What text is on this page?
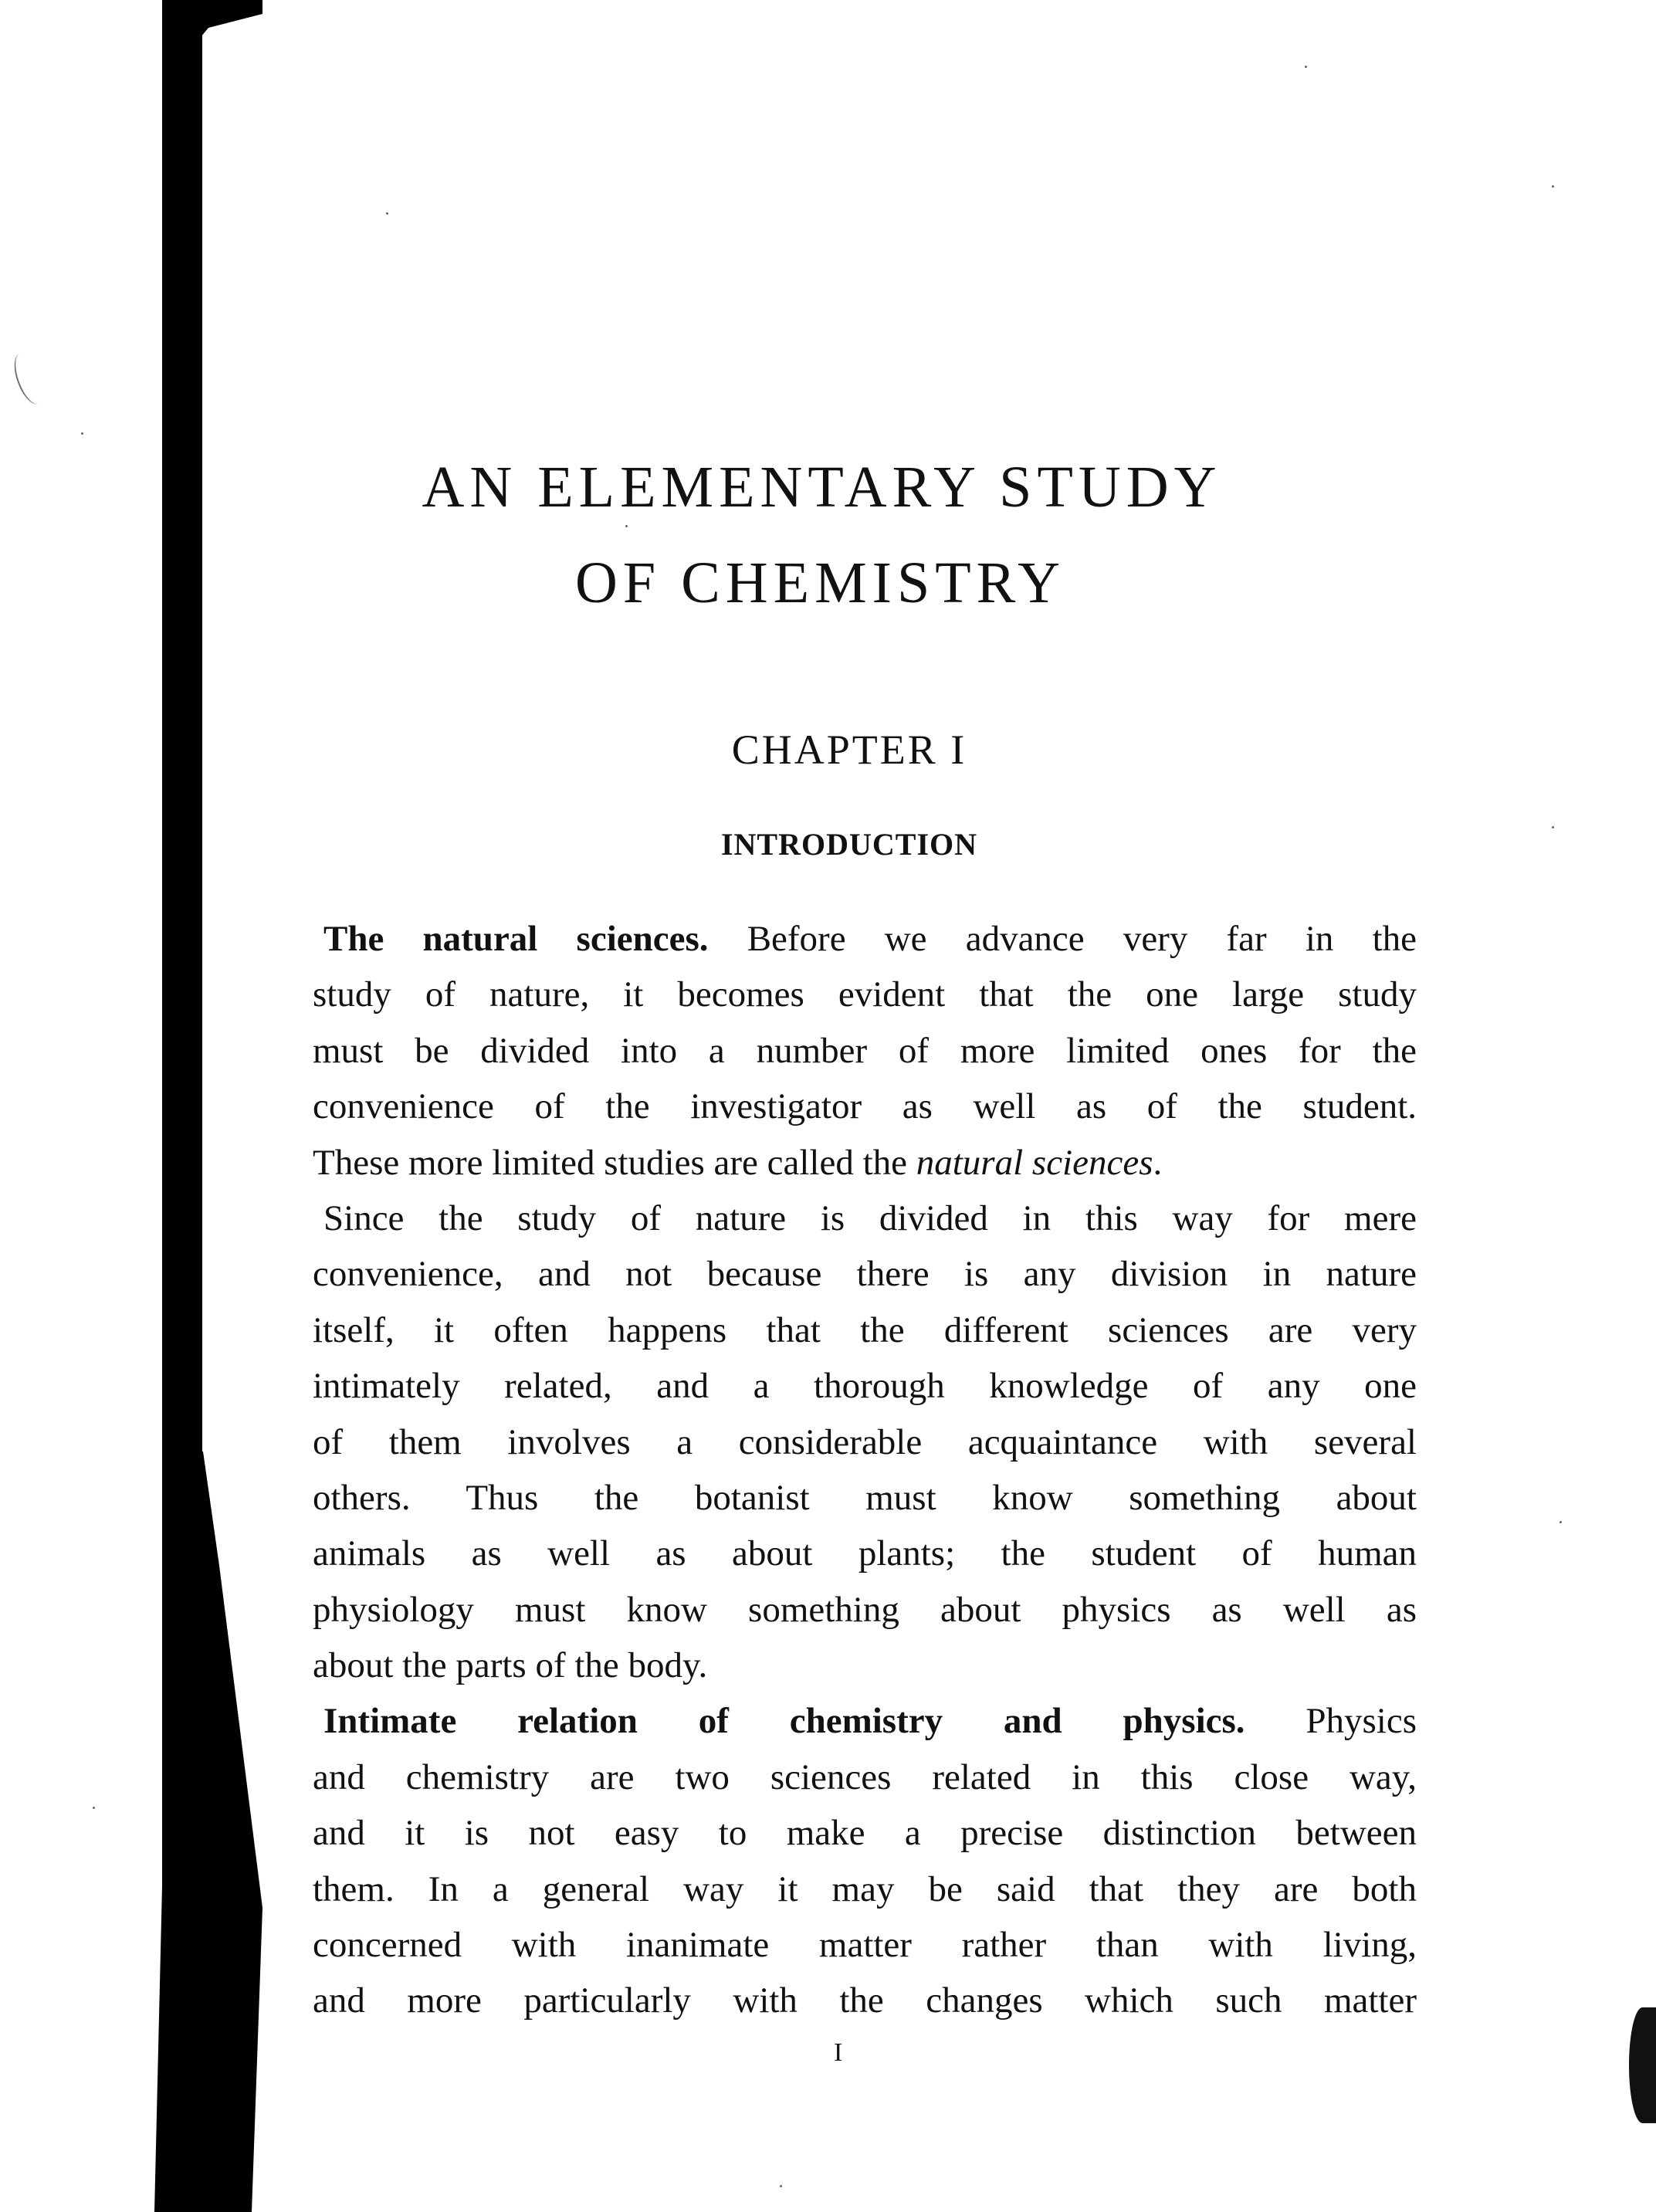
AN ELEMENTARY STUDY
OF CHEMISTRY
CHAPTER I
INTRODUCTION
The natural sciences. Before we advance very far in the
study of nature, it becomes evident that the one large study
must be divided into a number of more limited ones for the
convenience of the investigator as well as of the student.
These more limited studies are called the natural sciences.
Since the study of nature is divided in this way for mere
convenience, and not because there is any division in nature
itself, it often happens that the different sciences are very
intimately related, and a thorough knowledge of any one
of them involves a considerable acquaintance with several
others. Thus the botanist must know something about
animals as well as about plants; the student of human
physiology must know something about physics as well as
about the parts of the body.
Intimate relation of chemistry and physics. Physics
and chemistry are two sciences related in this close way,
and it is not easy to make a precise distinction between
them. In a general way it may be said that they are both
concerned with inanimate matter rather than with living,
and more particularly with the changes which such matter
I
